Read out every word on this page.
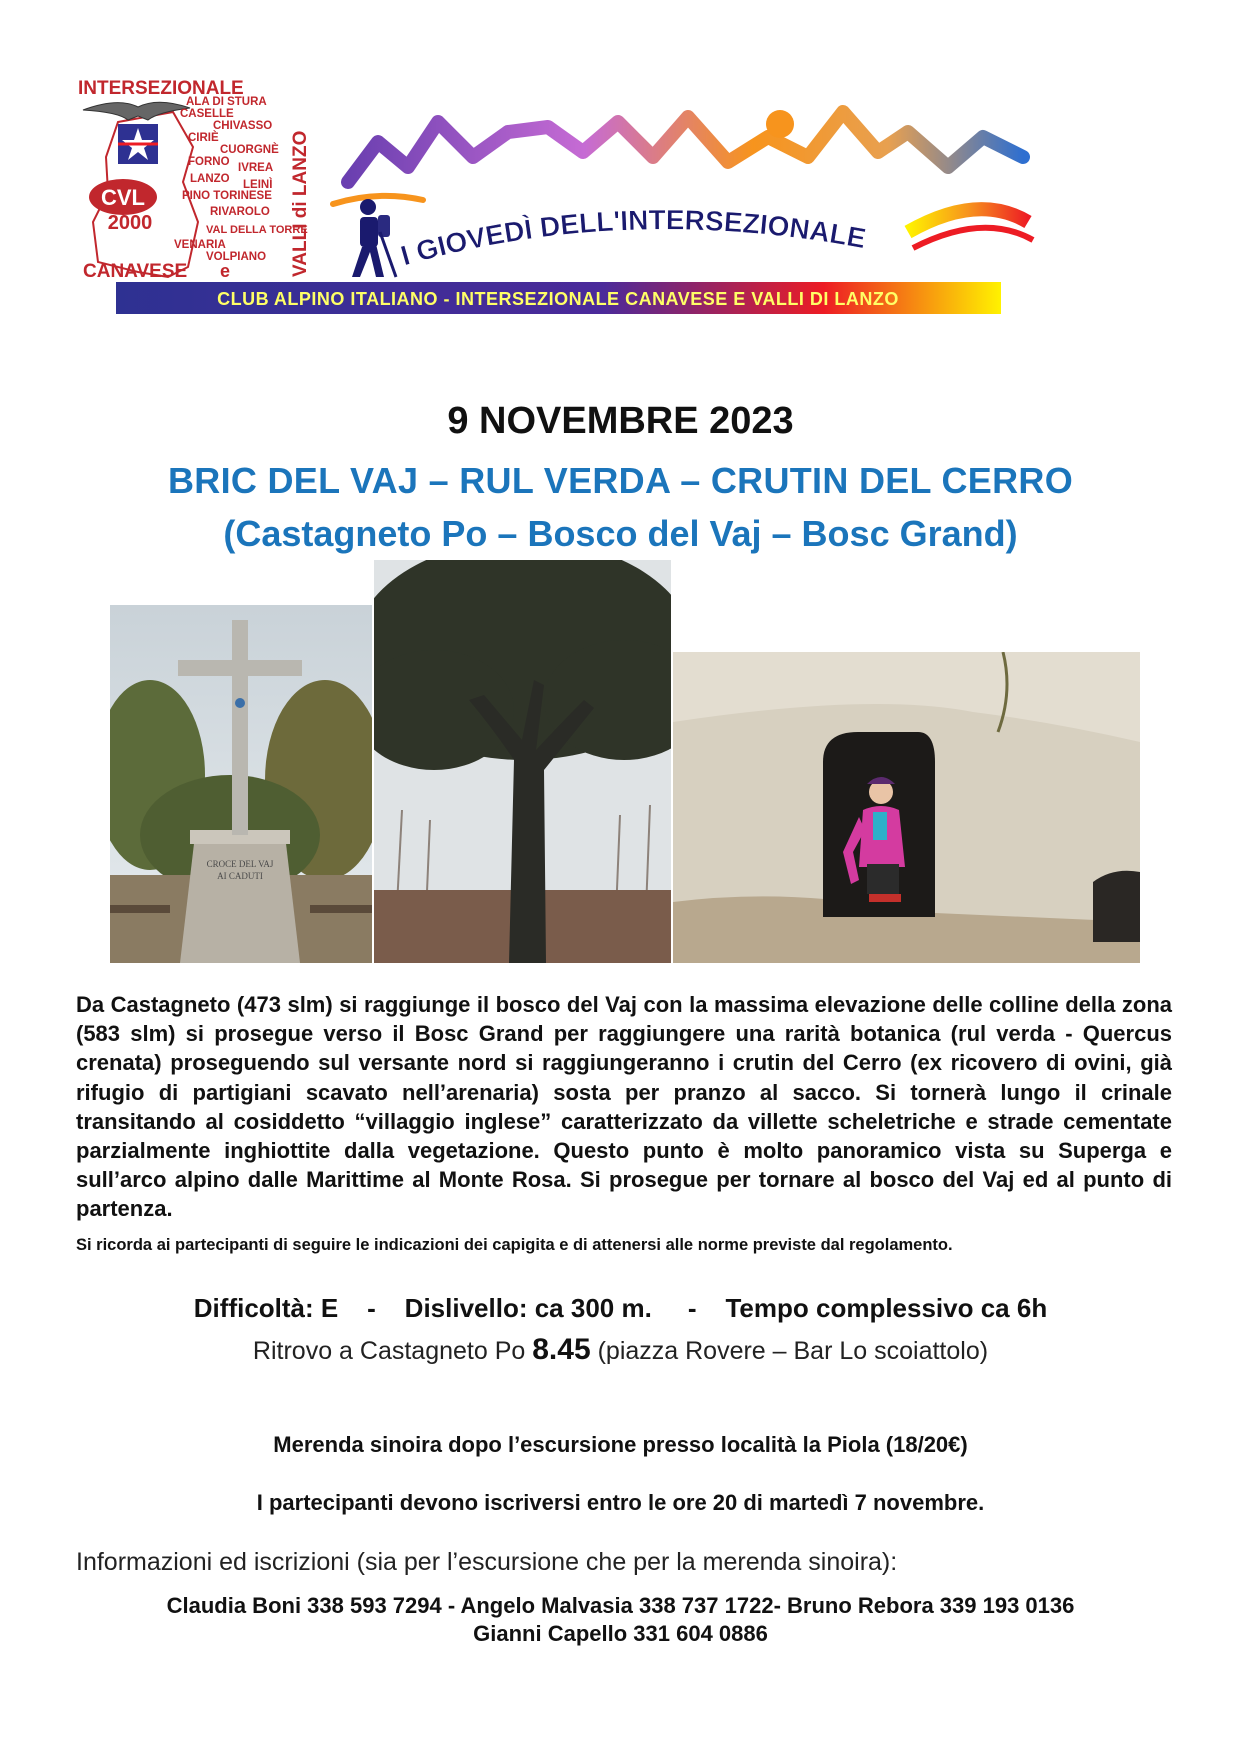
INTERSEZIONALE
CVL
2000
ALA DI STURA
CASELLE
CHIVASSO
CIRIÈ
CUORGNÈ
FORNO IVREA
LANZO LEINÌ
PINO TORINESE
RIVAROLO
VAL DELLA TORRE
VENARIA
VOLPIANO
CANAVESE e	VALLI di LANZO	I GIOVEDÌ DELL'INTERSEZIONALE
CLUB ALPINO ITALIANO - INTERSEZIONALE CANAVESE E VALLI DI LANZO
9 NOVEMBRE 2023
BRIC DEL VAJ – RUL VERDA – CRUTIN DEL CERRO
(Castagneto Po – Bosco del Vaj – Bosc Grand)
CROCE DEL VAJ
AI CADUTI
Da Castagneto (473 slm) si raggiunge il bosco del Vaj con la massima elevazione delle colline della zona (583 slm) si prosegue verso il Bosc Grand per raggiungere una rarità botanica (rul verda - Quercus crenata) proseguendo sul versante nord si raggiungeranno i crutin del Cerro (ex ricovero di ovini, già rifugio di partigiani scavato nell’arenaria) sosta per pranzo al sacco. Si tornerà lungo il crinale transitando al cosiddetto “villaggio inglese” caratterizzato da villette scheletriche e strade cementate parzialmente inghiottite dalla vegetazione. Questo punto è molto panoramico vista su Superga e sull’arco alpino dalle Marittime al Monte Rosa. Si prosegue per tornare al bosco del Vaj ed al punto di partenza.
Si ricorda ai partecipanti di seguire le indicazioni dei capigita e di attenersi alle norme previste dal regolamento.
Difficoltà: E    -    Dislivello: ca 300 m.     -    Tempo complessivo ca 6h
Ritrovo a Castagneto Po 8.45 (piazza Rovere – Bar Lo scoiattolo)
Merenda sinoira dopo l’escursione presso località la Piola (18/20€)
I partecipanti devono iscriversi entro le ore 20 di martedì 7 novembre.
Informazioni ed iscrizioni (sia per l’escursione che per la merenda sinoira):
Claudia Boni 338 593 7294 - Angelo Malvasia 338 737 1722- Bruno Rebora 339 193 0136
Gianni Capello 331 604 0886
